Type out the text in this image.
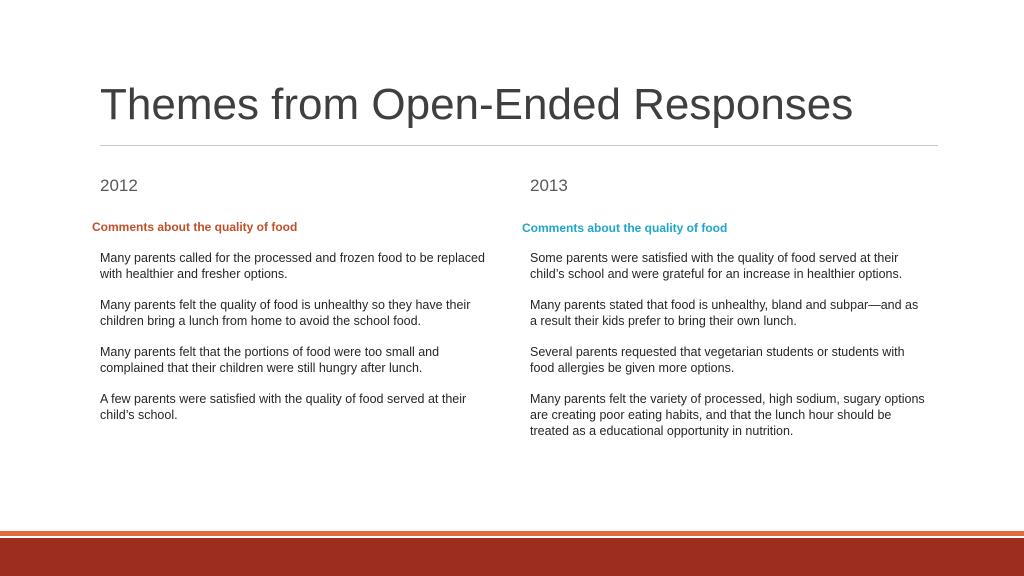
Themes from Open-Ended Responses
2012
Comments about the quality of food
Many parents called for the processed and frozen food to be replaced with healthier and fresher options.
Many parents felt the quality of food is unhealthy so they have their children bring a lunch from home to avoid the school food.
Many parents felt that the portions of food were too small and complained that their children were still hungry after lunch.
A few parents were satisfied with the quality of food served at their child’s school.
2013
Comments about the quality of food
Some parents were satisfied with the quality of food served at their child’s school and were grateful for an increase in healthier options.
Many parents stated that food is unhealthy, bland and subpar—and as a result their kids prefer to bring their own lunch.
Several parents requested that vegetarian students or students with food allergies be given more options.
Many parents felt the variety of processed, high sodium, sugary options are creating poor eating habits, and that the lunch hour should be treated as a educational opportunity in nutrition.
